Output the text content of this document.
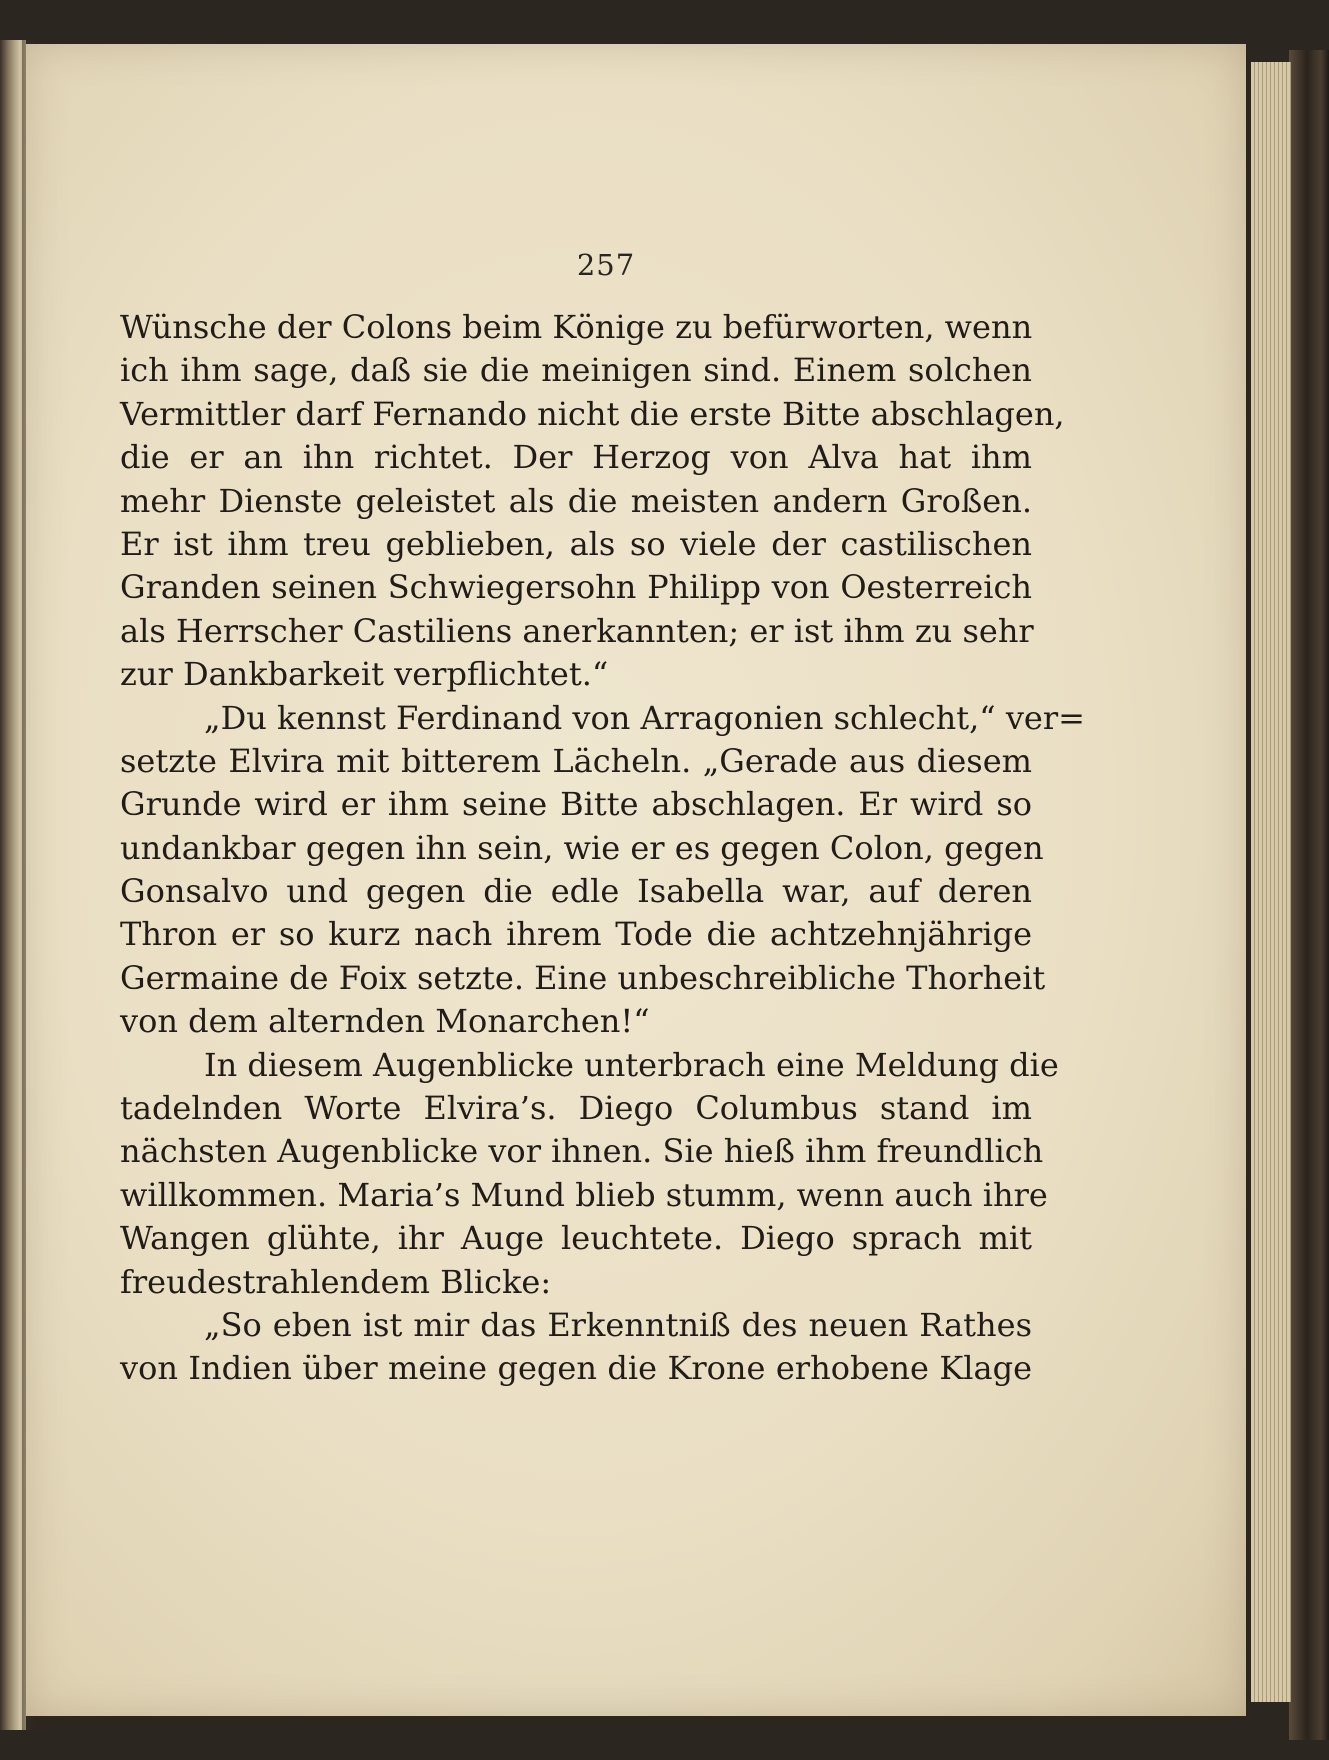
257
Wünsche der Colons beim Könige zu befürworten, wenn
ich ihm sage, daß sie die meinigen sind. Einem solchen
Vermittler darf Fernando nicht die erste Bitte abschlagen,
die er an ihn richtet. Der Herzog von Alva hat ihm
mehr Dienste geleistet als die meisten andern Großen.
Er ist ihm treu geblieben, als so viele der castilischen
Granden seinen Schwiegersohn Philipp von Oesterreich
als Herrscher Castiliens anerkannten; er ist ihm zu sehr
zur Dankbarkeit verpflichtet.“
„Du kennst Ferdinand von Arragonien schlecht,“ ver=
setzte Elvira mit bitterem Lächeln. „Gerade aus diesem
Grunde wird er ihm seine Bitte abschlagen. Er wird so
undankbar gegen ihn sein, wie er es gegen Colon, gegen
Gonsalvo und gegen die edle Isabella war, auf deren
Thron er so kurz nach ihrem Tode die achtzehnjährige
Germaine de Foix setzte. Eine unbeschreibliche Thorheit
von dem alternden Monarchen!“
In diesem Augenblicke unterbrach eine Meldung die
tadelnden Worte Elvira’s. Diego Columbus stand im
nächsten Augenblicke vor ihnen. Sie hieß ihm freundlich
willkommen. Maria’s Mund blieb stumm, wenn auch ihre
Wangen glühte, ihr Auge leuchtete. Diego sprach mit
freudestrahlendem Blicke:
„So eben ist mir das Erkenntniß des neuen Rathes
von Indien über meine gegen die Krone erhobene Klage
